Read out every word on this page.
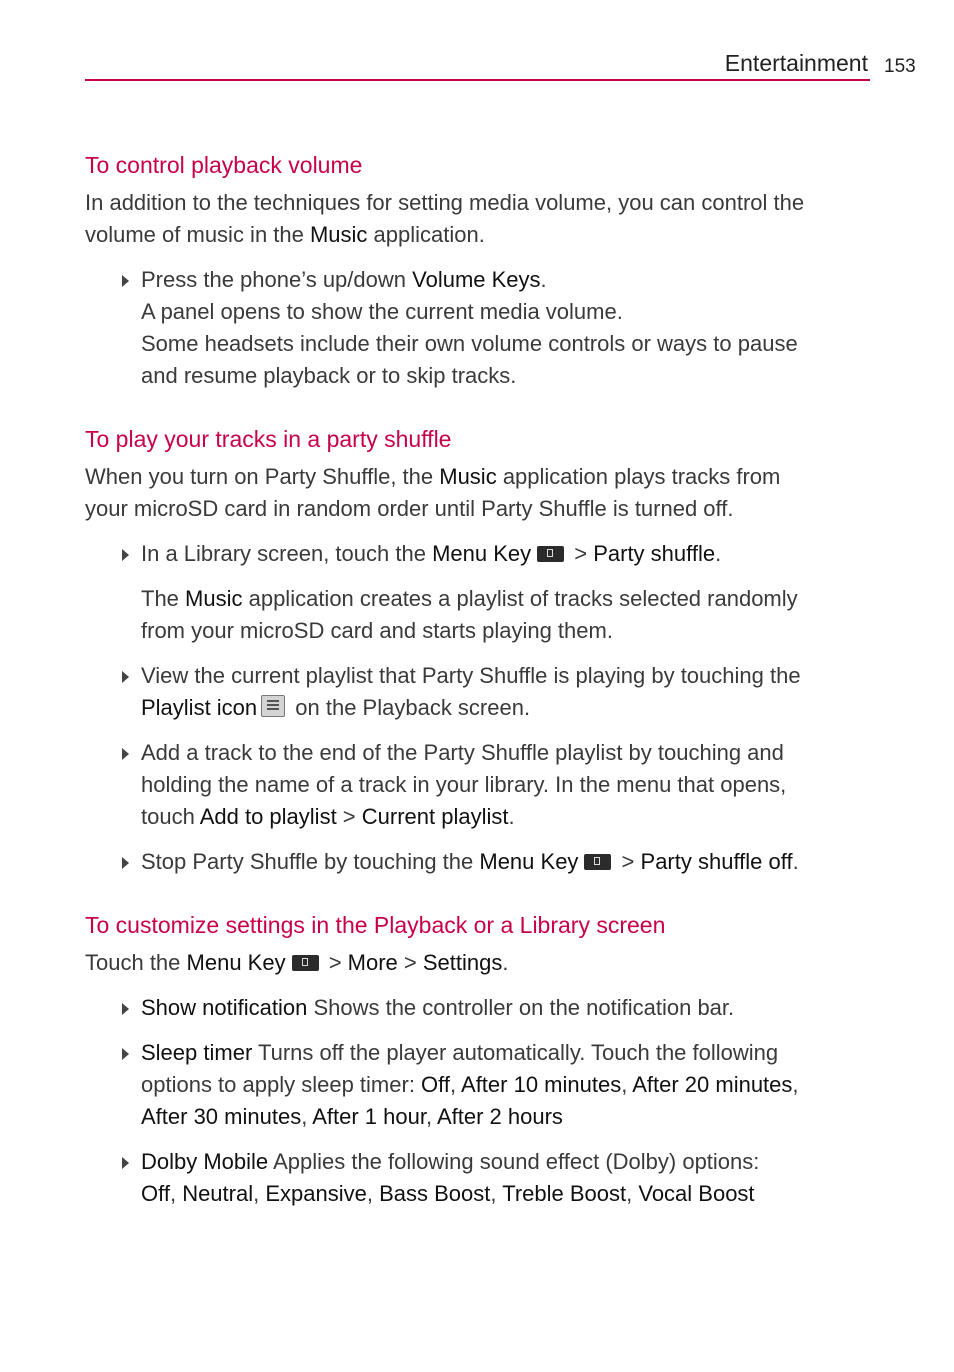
Entertainment 153
To control playback volume

In addition to the techniques for setting media volume, you can control the

volume of music in the Music application.

Press the phone’s up/down Volume Keys.

A panel opens to show the current media volume.

Some headsets include their own volume controls or ways to pause

and resume playback or to skip tracks.

To play your tracks in a party shuffle

When you turn on Party Shuffle, the Music application plays tracks from

your microSD card in random order until Party Shuffle is turned off.

In a Library screen, touch the Menu Key > Party shuffle.

The Music application creates a playlist of tracks selected randomly

from your microSD card and starts playing them.

View the current playlist that Party Shuffle is playing by touching the

Playlist icon on the Playback screen.

Add a track to the end of the Party Shuffle playlist by touching and

holding the name of a track in your library. In the menu that opens,

touch Add to playlist > Current playlist.

Stop Party Shuffle by touching the Menu Key > Party shuffle off.

To customize settings in the Playback or a Library screen

Touch the Menu Key > More > Settings.

Show notification Shows the controller on the notification bar.

Sleep timer Turns off the player automatically. Touch the following

options to apply sleep timer: Off, After 10 minutes, After 20 minutes,

After 30 minutes, After 1 hour, After 2 hours

Dolby Mobile Applies the following sound effect (Dolby) options:

Off, Neutral, Expansive, Bass Boost, Treble Boost, Vocal Boost
